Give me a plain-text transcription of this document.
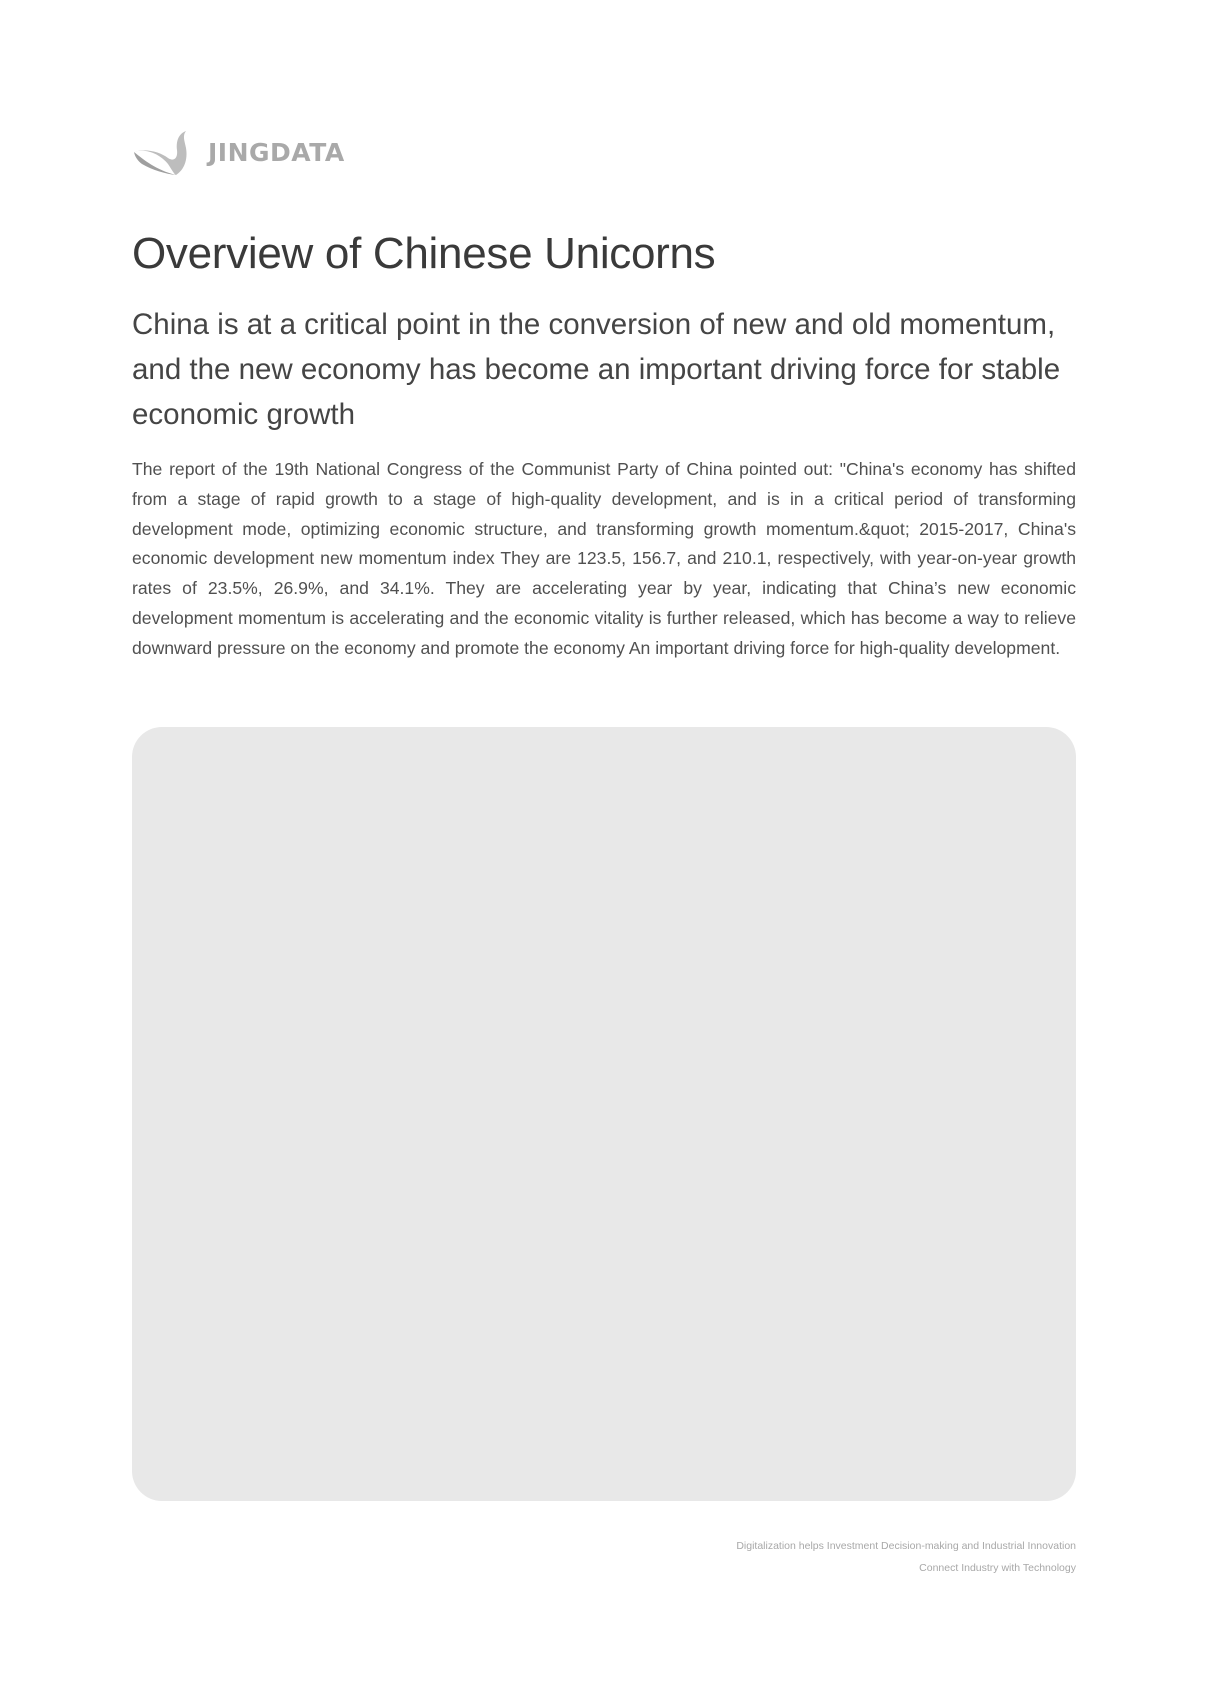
JINGDATA
Overview of Chinese Unicorns
China is at a critical point in the conversion of new and old momentum, and the new economy has become an important driving force for stable economic growth

The report of the 19th National Congress of the Communist Party of China pointed out: "China's economy has shifted from a stage of rapid growth to a stage of high-quality development, and is in a critical period of transforming development mode, optimizing economic structure, and transforming growth momentum.&quot; 2015-2017, China's economic development new momentum index They are 123.5, 156.7, and 210.1, respectively, with year-on-year growth rates of 23.5%, 26.9%, and 34.1%. They are accelerating year by year, indicating that China’s new economic development momentum is accelerating and the economic vitality is further released, which has become a way to relieve downward pressure on the economy and promote the economy An important driving force for high-quality development.

Digitalization helps Investment Decision-making and Industrial Innovation
Connect Industry with Technology
